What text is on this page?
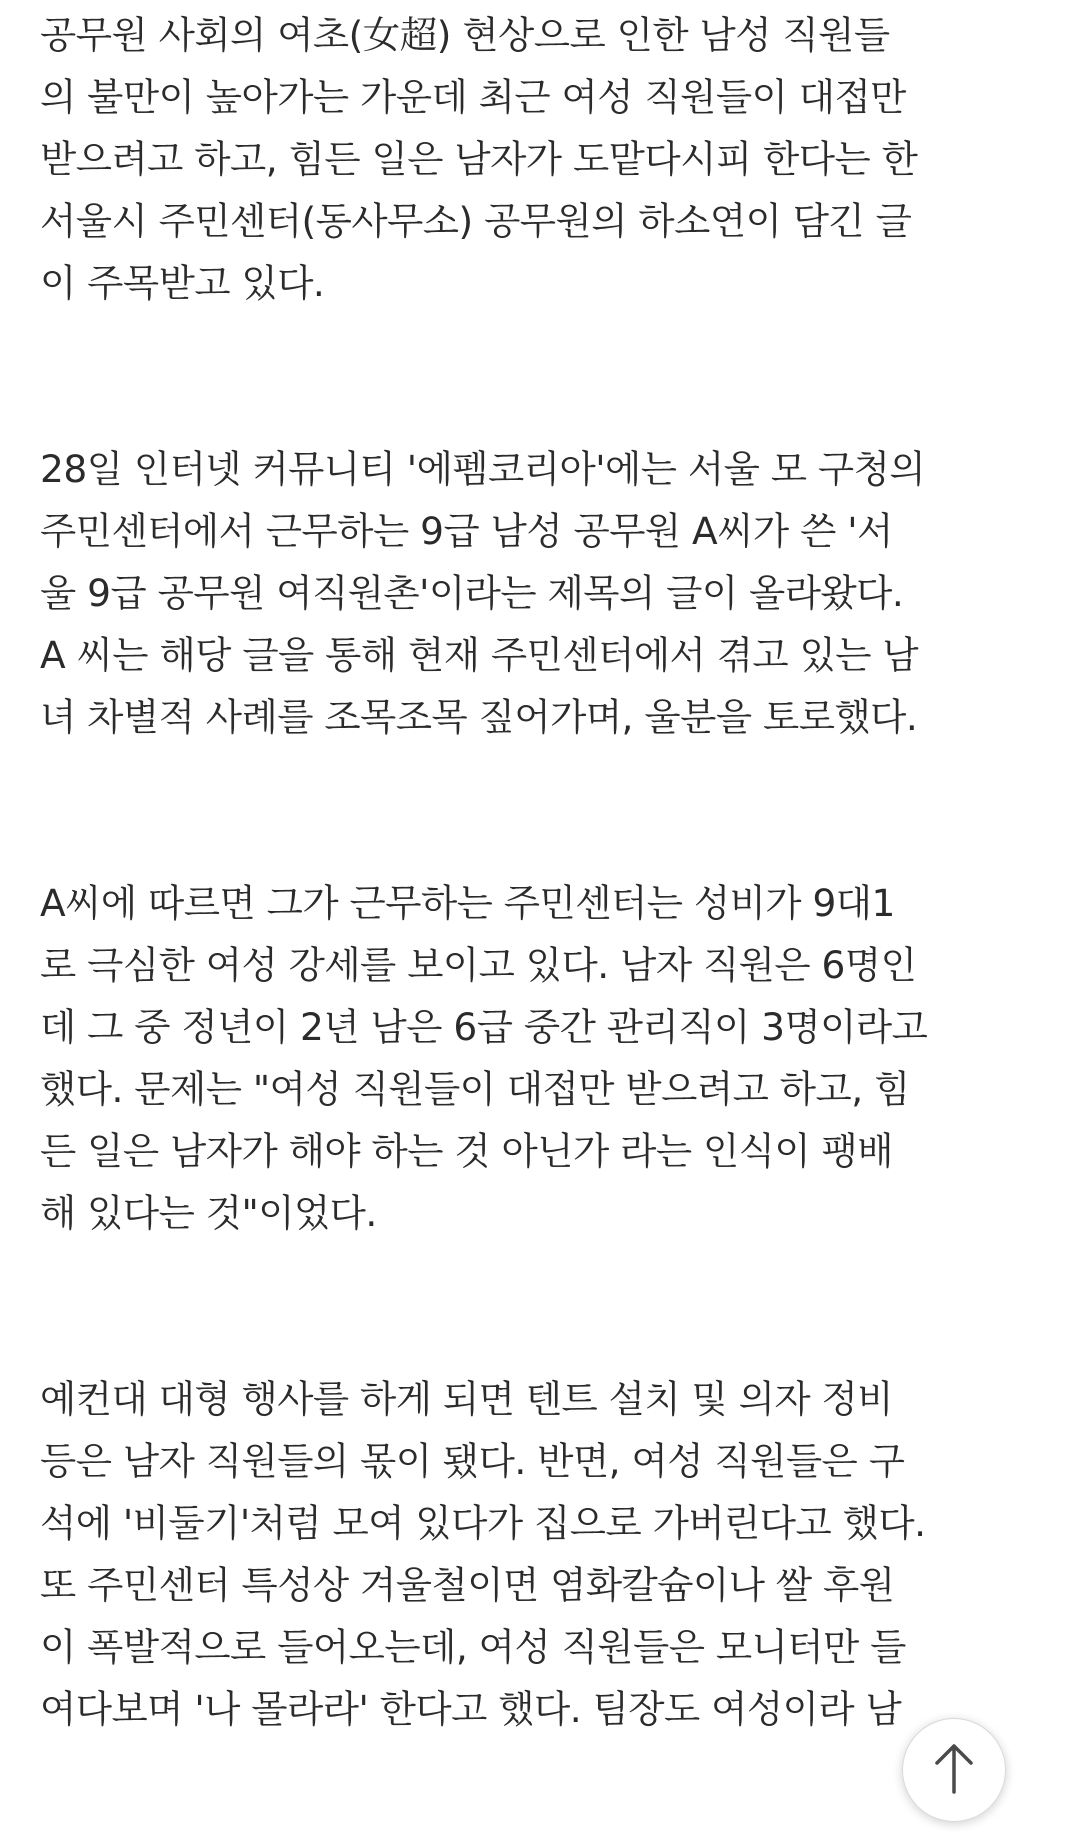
공무원 사회의 여초(女超) 현상으로 인한 남성 직원들
의 불만이 높아가는 가운데 최근 여성 직원들이 대접만
받으려고 하고, 힘든 일은 남자가 도맡다시피 한다는 한
서울시 주민센터(동사무소) 공무원의 하소연이 담긴 글
이 주목받고 있다.
28일 인터넷 커뮤니티 '에펨코리아'에는 서울 모 구청의
주민센터에서 근무하는 9급 남성 공무원 A씨가 쓴 '서
울 9급 공무원 여직원촌'이라는 제목의 글이 올라왔다.
A 씨는 해당 글을 통해 현재 주민센터에서 겪고 있는 남
녀 차별적 사례를 조목조목 짚어가며, 울분을 토로했다.
A씨에 따르면 그가 근무하는 주민센터는 성비가 9대1
로 극심한 여성 강세를 보이고 있다. 남자 직원은 6명인
데 그 중 정년이 2년 남은 6급 중간 관리직이 3명이라고
했다. 문제는 "여성 직원들이 대접만 받으려고 하고, 힘
든 일은 남자가 해야 하는 것 아닌가 라는 인식이 팽배
해 있다는 것"이었다.
예컨대 대형 행사를 하게 되면 텐트 설치 및 의자 정비
등은 남자 직원들의 몫이 됐다. 반면, 여성 직원들은 구
석에 '비둘기'처럼 모여 있다가 집으로 가버린다고 했다.
또 주민센터 특성상 겨울철이면 염화칼슘이나 쌀 후원
이 폭발적으로 들어오는데, 여성 직원들은 모니터만 들
여다보며 '나 몰라라' 한다고 했다. 팀장도 여성이라 남
